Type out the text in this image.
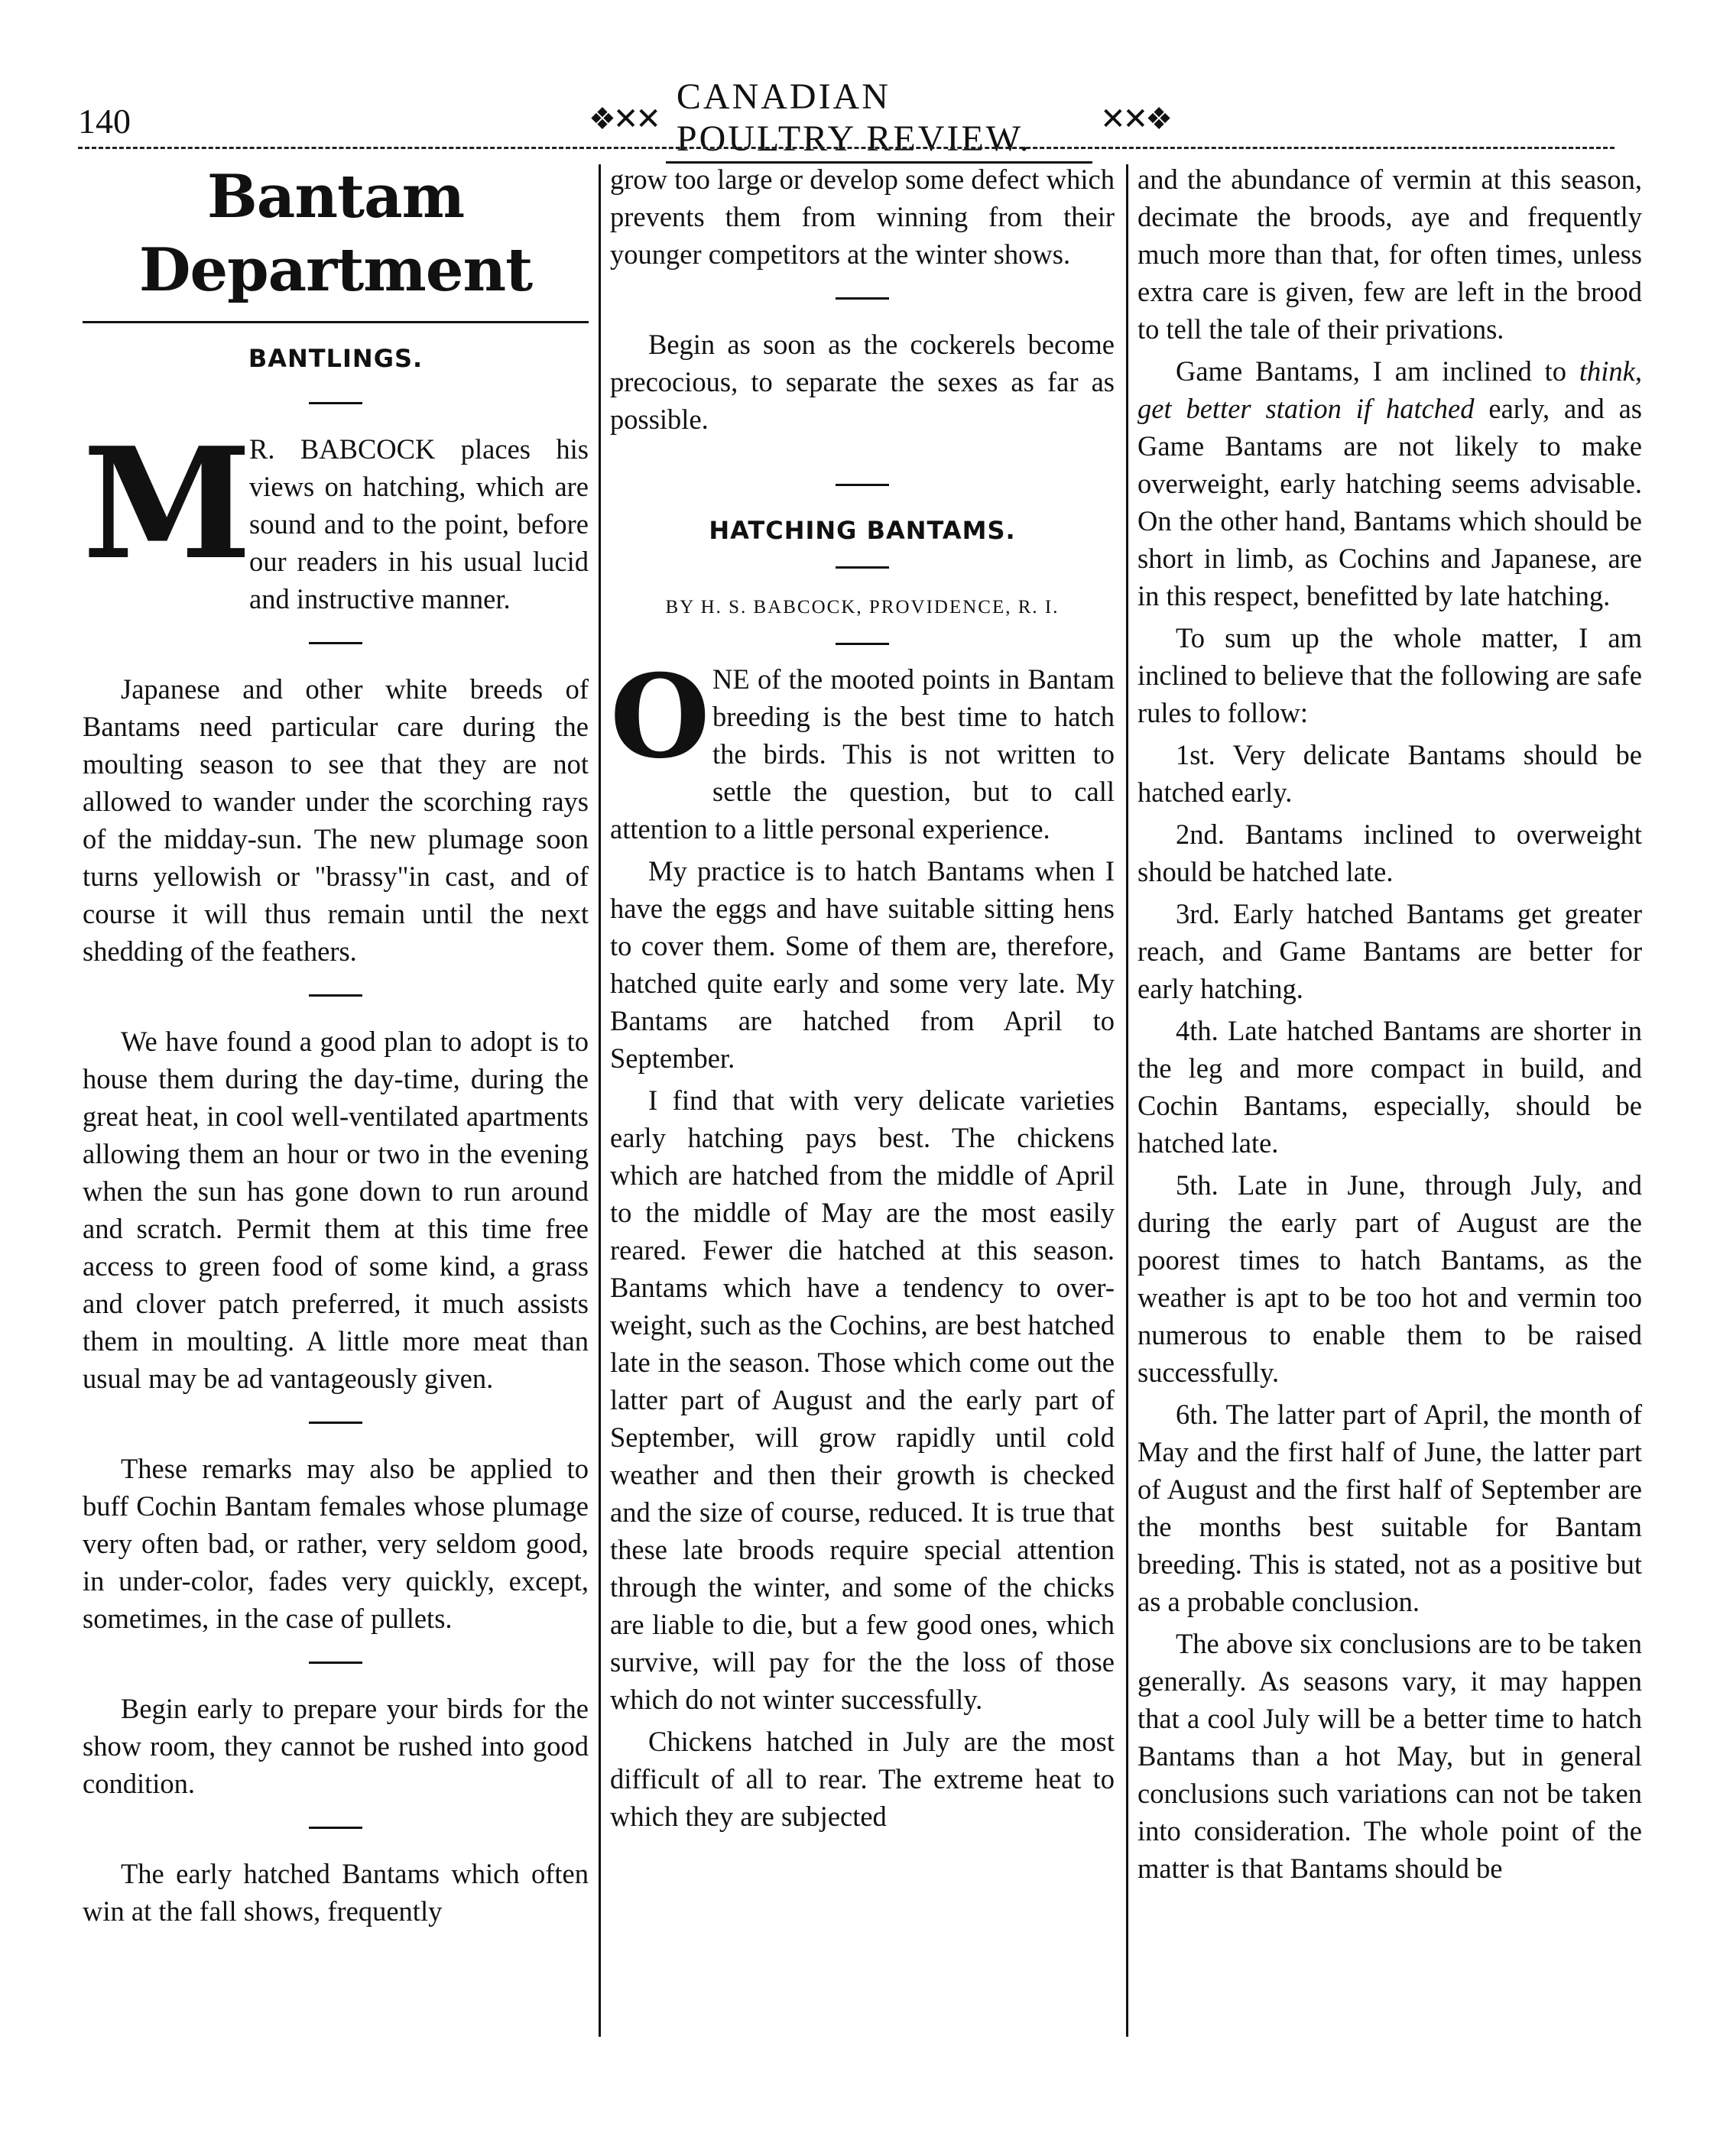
140	❖✕✕
CANADIAN POULTRY REVIEW.	✕✕❖
Bantam Department
BANTLINGS.

M
R. BABCOCK places his views on hatching, which are sound and to the point, before our readers in his usual lucid and instructive manner.

Japanese and other white breeds of Bantams need particular care during the moulting season to see that they are not allowed to wander under the scorching rays of the midday-sun. The new plumage soon turns yellowish or "brassy"in cast, and of course it will thus remain until the next shedding of the feathers.

We have found a good plan to adopt is to house them during the day-time, during the great heat, in cool well-ventilated apartments allowing them an hour or two in the evening when the sun has gone down to run around and scratch. Permit them at this time free access to green food of some kind, a grass and clover patch preferred, it much assists them in moulting. A little more meat than usual may be ad vantageously given.

These remarks may also be applied to buff Cochin Bantam females whose plumage very often bad, or rather, very seldom good, in under-color, fades very quickly, except, sometimes, in the case of pullets.

Begin early to prepare your birds for the show room, they cannot be rushed into good condition.

The early hatched Bantams which often win at the fall shows, frequently

grow too large or develop some defect which prevents them from winning from their younger competitors at the winter shows.

Begin as soon as the cockerels become precocious, to separate the sexes as far as possible.

HATCHING BANTAMS.
BY H. S. BABCOCK, PROVIDENCE, R. I.

ONE of the mooted points in Bantam breeding is the best time to hatch the birds. This is not written to settle the question, but to call attention to a little personal experience.

My practice is to hatch Bantams when I have the eggs and have suitable sitting hens to cover them. Some of them are, therefore, hatched quite early and some very late. My Bantams are hatched from April to September.

I find that with very delicate varieties early hatching pays best. The chickens which are hatched from the middle of April to the middle of May are the most easily reared. Fewer die hatched at this season. Bantams which have a tendency to over-weight, such as the Cochins, are best hatched late in the season. Those which come out the latter part of August and the early part of September, will grow rapidly until cold weather and then their growth is checked and the size of course, reduced. It is true that these late broods require special attention through the winter, and some of the chicks are liable to die, but a few good ones, which survive, will pay for the the loss of those which do not winter successfully.

Chickens hatched in July are the most difficult of all to rear. The extreme heat to which they are subjected

and the abundance of vermin at this season, decimate the broods, aye and frequently much more than that, for often times, unless extra care is given, few are left in the brood to tell the tale of their privations.

Game Bantams, I am inclined to think, get better station if hatched early, and as Game Bantams are not likely to make overweight, early hatching seems advisable. On the other hand, Bantams which should be short in limb, as Cochins and Japanese, are in this respect, benefitted by late hatching.

To sum up the whole matter, I am inclined to believe that the following are safe rules to follow:

1st. Very delicate Bantams should be hatched early.

2nd. Bantams inclined to overweight should be hatched late.

3rd. Early hatched Bantams get greater reach, and Game Bantams are better for early hatching.

4th. Late hatched Bantams are shorter in the leg and more compact in build, and Cochin Bantams, especially, should be hatched late.

5th. Late in June, through July, and during the early part of August are the poorest times to hatch Bantams, as the weather is apt to be too hot and vermin too numerous to enable them to be raised successfully.

6th. The latter part of April, the month of May and the first half of June, the latter part of August and the first half of September are the months best suitable for Bantam breeding. This is stated, not as a positive but as a probable conclusion.

The above six conclusions are to be taken generally. As seasons vary, it may happen that a cool July will be a better time to hatch Bantams than a hot May, but in general conclusions such variations can not be taken into consideration. The whole point of the matter is that Bantams should be
